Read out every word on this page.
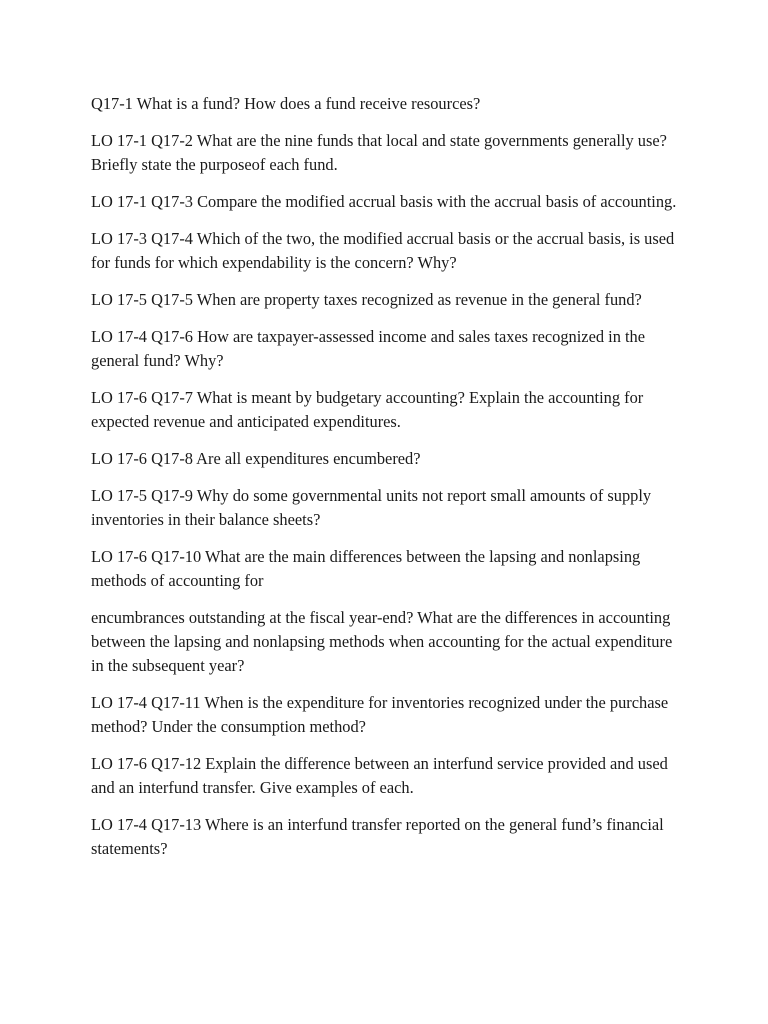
Q17-1 What is a fund? How does a fund receive resources?

LO 17-1 Q17-2 What are the nine funds that local and state governments generally use? Briefly state the purposeof each fund.

LO 17-1 Q17-3 Compare the modified accrual basis with the accrual basis of accounting.

LO 17-3 Q17-4 Which of the two, the modified accrual basis or the accrual basis, is used for funds for which expendability is the concern? Why?

LO 17-5 Q17-5 When are property taxes recognized as revenue in the general fund?

LO 17-4 Q17-6 How are taxpayer-assessed income and sales taxes recognized in the general fund? Why?

LO 17-6 Q17-7 What is meant by budgetary accounting? Explain the accounting for expected revenue and anticipated expenditures.

LO 17-6 Q17-8 Are all expenditures encumbered?

LO 17-5 Q17-9 Why do some governmental units not report small amounts of supply inventories in their balance sheets?

LO 17-6 Q17-10 What are the main differences between the lapsing and nonlapsing methods of accounting for

encumbrances outstanding at the fiscal year-end? What are the differences in accounting between the lapsing and nonlapsing methods when accounting for the actual expenditure in the subsequent year?

LO 17-4 Q17-11 When is the expenditure for inventories recognized under the purchase method? Under the consumption method?

LO 17-6 Q17-12 Explain the difference between an interfund service provided and used and an interfund transfer. Give examples of each.

LO 17-4 Q17-13 Where is an interfund transfer reported on the general fund’s financial statements?
